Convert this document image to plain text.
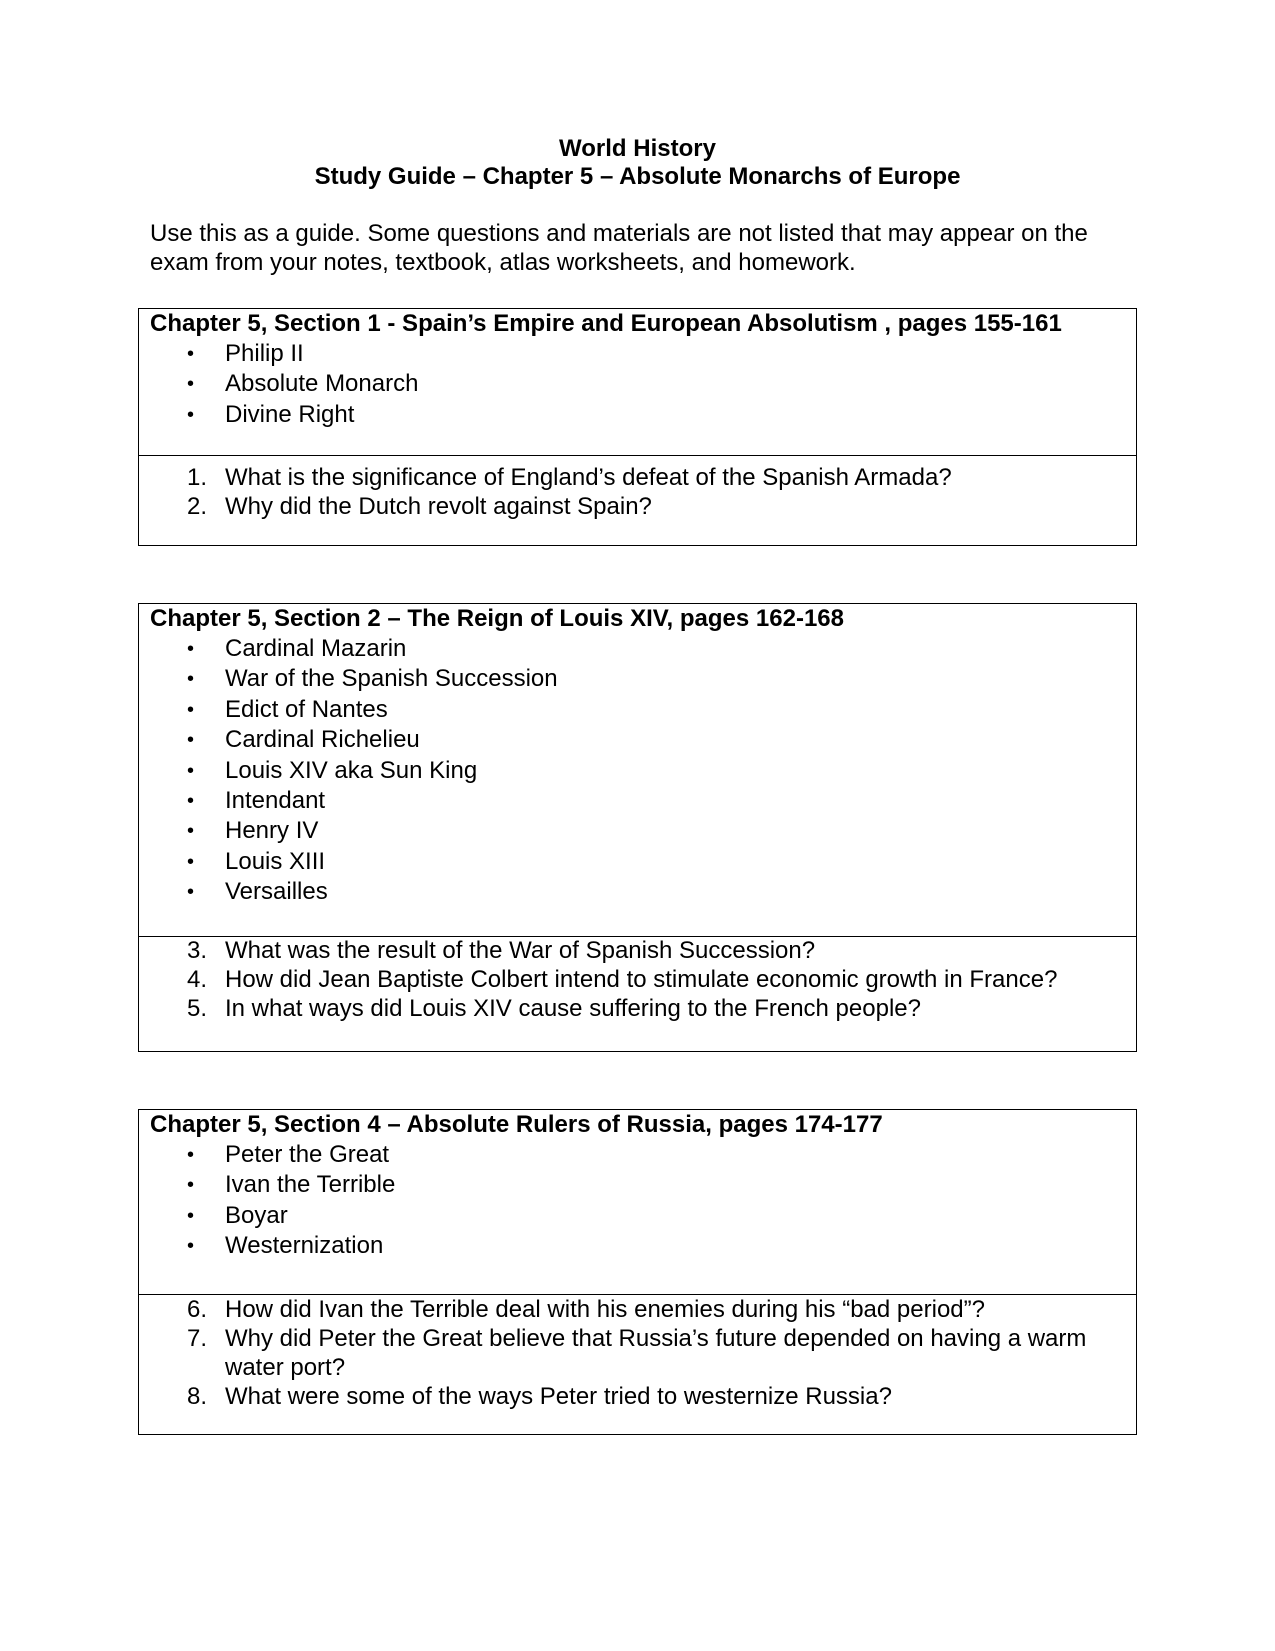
World History
Study Guide – Chapter 5 – Absolute Monarchs of Europe
Use this as a guide. Some questions and materials are not listed that may appear on the exam from your notes, textbook, atlas worksheets, and homework.
Chapter 5, Section 1 - Spain’s Empire and European Absolutism , pages 155-161
• Philip II
• Absolute Monarch
• Divine Right
1. What is the significance of England’s defeat of the Spanish Armada?
2. Why did the Dutch revolt against Spain?
Chapter 5, Section 2 – The Reign of Louis XIV, pages 162-168
• Cardinal Mazarin
• War of the Spanish Succession
• Edict of Nantes
• Cardinal Richelieu
• Louis XIV aka Sun King
• Intendant
• Henry IV
• Louis XIII
• Versailles
3. What was the result of the War of Spanish Succession?
4. How did Jean Baptiste Colbert intend to stimulate economic growth in France?
5. In what ways did Louis XIV cause suffering to the French people?
Chapter 5, Section 4 – Absolute Rulers of Russia, pages 174-177
• Peter the Great
• Ivan the Terrible
• Boyar
• Westernization
6. How did Ivan the Terrible deal with his enemies during his “bad period”?
7. Why did Peter the Great believe that Russia’s future depended on having a warm water port?
8. What were some of the ways Peter tried to westernize Russia?
